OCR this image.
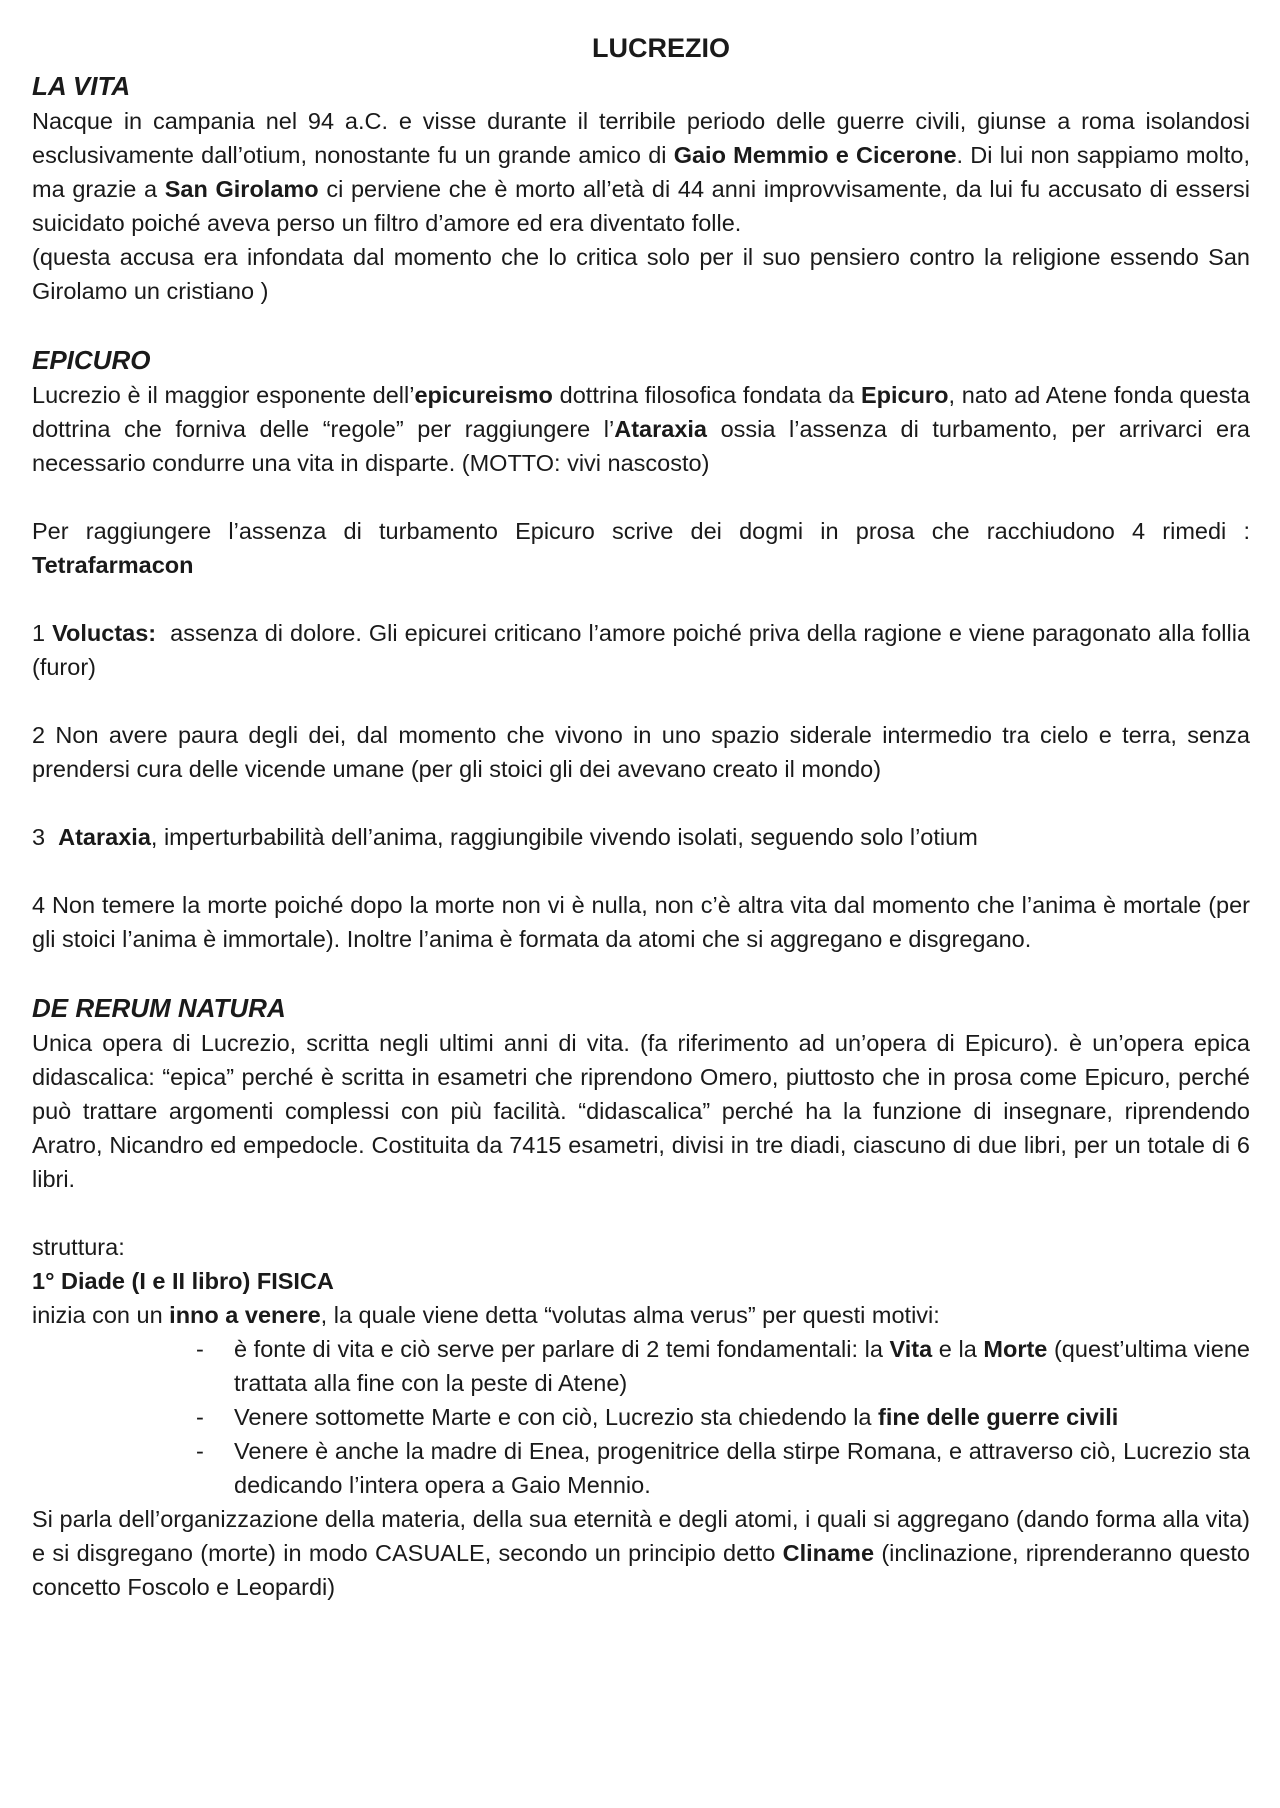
LUCREZIO
LA VITA

Nacque in campania nel 94 a.C. e visse durante il terribile periodo delle guerre civili, giunse a roma isolandosi esclusivamente dall’otium, nonostante fu un grande amico di Gaio Memmio e Cicerone. Di lui non sappiamo molto, ma grazie a San Girolamo ci perviene che è morto all’età di 44 anni improvvisamente, da lui fu accusato di essersi suicidato poiché aveva perso un filtro d’amore ed era diventato folle.

(questa accusa era infondata dal momento che lo critica solo per il suo pensiero contro la religione essendo San Girolamo un cristiano )

EPICURO

Lucrezio è il maggior esponente dell’epicureismo dottrina filosofica fondata da Epicuro, nato ad Atene fonda questa dottrina che forniva delle “regole” per raggiungere l’Ataraxia ossia l’assenza di turbamento, per arrivarci era necessario condurre una vita in disparte. (MOTTO: vivi nascosto)

Per raggiungere l’assenza di turbamento Epicuro scrive dei dogmi in prosa che racchiudono 4 rimedi : Tetrafarmacon

1 Voluctas:  assenza di dolore. Gli epicurei criticano l’amore poiché priva della ragione e viene paragonato alla follia (furor)

2 Non avere paura degli dei, dal momento che vivono in uno spazio siderale intermedio tra cielo e terra, senza prendersi cura delle vicende umane (per gli stoici gli dei avevano creato il mondo)

3  Ataraxia, imperturbabilità dell’anima, raggiungibile vivendo isolati, seguendo solo l’otium

4 Non temere la morte poiché dopo la morte non vi è nulla, non c’è altra vita dal momento che l’anima è mortale (per gli stoici l’anima è immortale). Inoltre l’anima è formata da atomi che si aggregano e disgregano.

DE RERUM NATURA

Unica opera di Lucrezio, scritta negli ultimi anni di vita. (fa riferimento ad un’opera di Epicuro). è un’opera epica didascalica: “epica” perché è scritta in esametri che riprendono Omero, piuttosto che in prosa come Epicuro, perché può trattare argomenti complessi con più facilità. “didascalica” perché ha la funzione di insegnare, riprendendo Aratro, Nicandro ed empedocle. Costituita da 7415 esametri, divisi in tre diadi, ciascuno di due libri, per un totale di 6 libri.

struttura:

1° Diade (I e II libro) FISICA

inizia con un inno a venere, la quale viene detta “volutas alma verus” per questi motivi:

- è fonte di vita e ciò serve per parlare di 2 temi fondamentali: la Vita e la Morte (quest’ultima viene trattata alla fine con la peste di Atene)
- Venere sottomette Marte e con ciò, Lucrezio sta chiedendo la fine delle guerre civili
- Venere è anche la madre di Enea, progenitrice della stirpe Romana, e attraverso ciò, Lucrezio sta dedicando l’intera opera a Gaio Mennio.

Si parla dell’organizzazione della materia, della sua eternità e degli atomi, i quali si aggregano (dando forma alla vita) e si disgregano (morte) in modo CASUALE, secondo un principio detto Cliname (inclinazione, riprenderanno questo concetto Foscolo e Leopardi)
